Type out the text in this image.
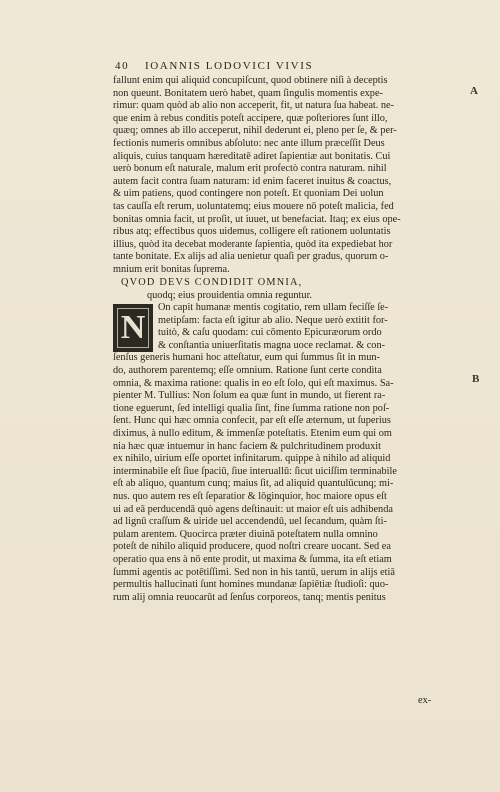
40 IOANNIS LODOVICI VIVIS
A
B
fallunt enim qui aliquid concupiſcunt, quod obtinere niſi à deceptis
non queunt. Bonitatem uerò habet, quam ſingulis momentis expe-
rimur: quam quòd ab alio non acceperit, fit, ut natura ſua habeat. ne-
que enim à rebus conditis poteſt accipere, quæ poſteriores ſunt illo,
quæq; omnes ab illo acceperut, nihil dederunt ei, pleno per ſe, & per-
fectionis numeris omnibus abſoluto: nec ante illum præceſſit Deus
aliquis, cuius tanquam hæreditatē adiret ſapientiæ aut bonitatis. Cui
uerò bonum eſt naturale, malum erit profectò contra naturam. nihil
autem facit contra ſuam naturam: id enim faceret inuitus & coactus,
& uim patiens, quod contingere non poteſt. Et quoniam Dei uolun
tas cauſſa eſt rerum, uoluntatemq; eius mouere nō poteſt malicia, fed
bonitas omnia facit, ut proſit, ut iuuet, ut benefaciat. Itaq; ex eius ope-
ribus atq; effectibus quos uidemus, colligere eſt rationem uoluntatis
illius, quòd ita decebat moderante ſapientia, quòd ita expediebat hor
tante bonitate. Ex alijs ad alia uenietur quaſi per gradus, quorum o-
mnium erit bonitas ſuprema.
QVOD DEVS CONDIDIT OMNIA,
quodq; eius prouidentia omnia reguntur.
N
On capit humanæ mentis cogitatio, rem ullam feciſſe ſe-
metipſam: facta eſt igitur ab alio. Neque uerò extitit for-
tuitò, & caſu quodam: cui cōmento Epicuræorum ordo
& conſtantia uniuerſitatis magna uoce reclamat. & con-
ſenſus generis humani hoc atteſtatur, eum qui ſummus ſit in mun-
do, authorem parentemq; eſſe omnium. Ratione ſunt certe condita
omnia, & maxima ratione: qualis in eo eſt ſolo, qui eſt maximus. Sa-
pienter M. Tullius: Non ſolum ea quæ ſunt in mundo, ut fierent ra-
tione eguerunt, ſed intelligi qualia ſint, fine ſumma ratione non poſ-
ſent. Hunc qui hæc omnia confecit, par eſt eſſe æternum, ut ſuperius
diximus, à nullo editum, & immenſæ poteſtatis. Etenim eum qui om
nia hæc quæ intuemur in hanc faciem & pulchritudinem produxit
ex nihilo, uirium eſſe oportet infinitarum. quippe à nihilo ad aliquid
interminabile eſt ſiue ſpaciū, ſiue interuallū: ſicut uiciſſim terminabile
eſt ab aliquo, quantum cunq; maius ſit, ad aliquid quantulūcunq; mi-
nus. quo autem res eſt ſeparatior & lōginquior, hoc maiore opus eſt
ui ad eā perducendā quò agens deſtinauit: ut maior eſt uis adhibenda
ad lignū craſſum & uiride uel accendendū, uel ſecandum, quàm ſti-
pulam arentem. Quocirca præter diuinā poteſtatem nulla omnino
poteſt de nihilo aliquid producere, quod noſtri creare uocant. Sed ea
operatio qua ens à nō ente prodit, ut maxima & ſumma, ita eſt etiam
ſummi agentis ac potētiſſimi. Sed non in his tantū, uerum in alijs etiā
permultis hallucinati ſunt homines mundanæ ſapiētiæ ſtudioſi: quo-
rum alij omnia reuocarūt ad ſenſus corporeos, tanq; mentis penitus
ex-
